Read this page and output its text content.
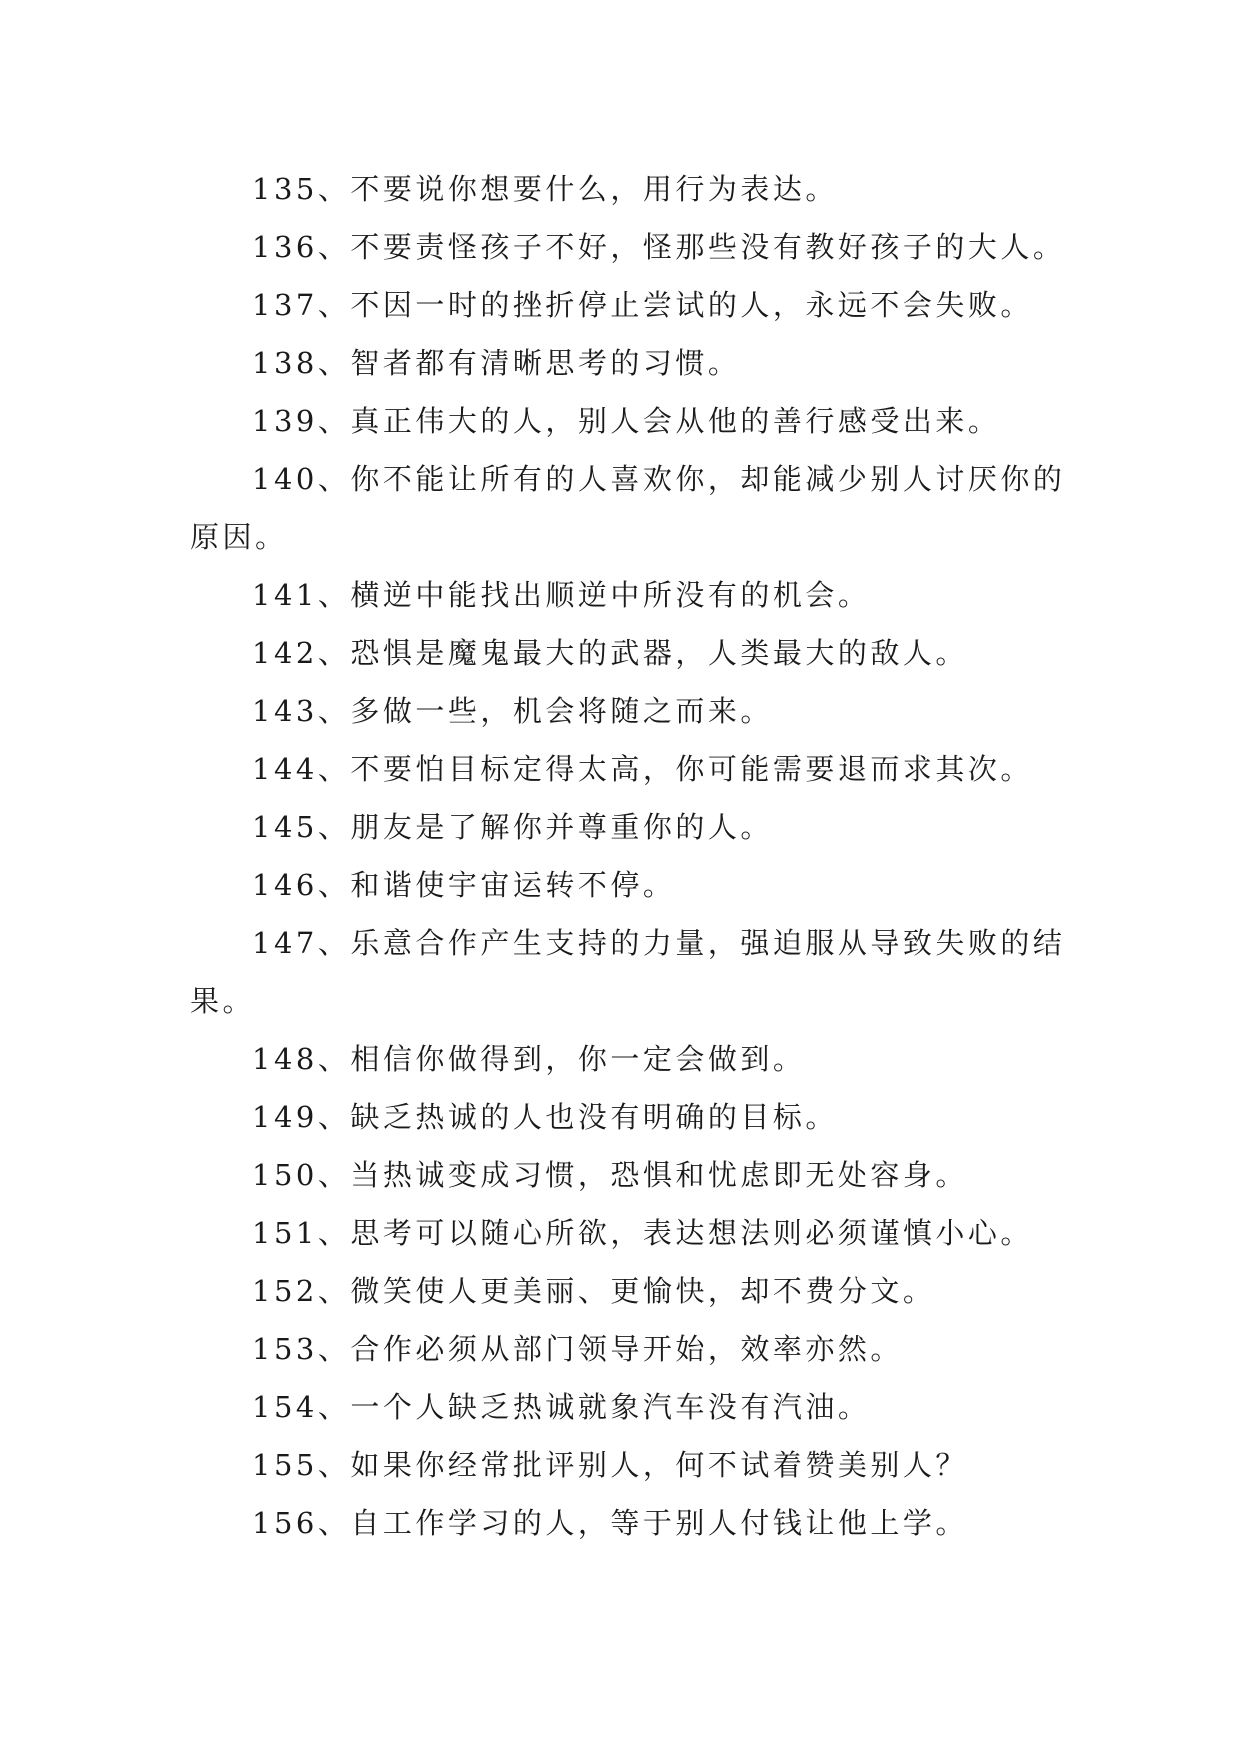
135、不要说你想要什么，用行为表达。

136、不要责怪孩子不好，怪那些没有教好孩子的大人。

137、不因一时的挫折停止尝试的人，永远不会失败。

138、智者都有清晰思考的习惯。

139、真正伟大的人，别人会从他的善行感受出来。

140、你不能让所有的人喜欢你，却能减少别人讨厌你的原因。

141、横逆中能找出顺逆中所没有的机会。

142、恐惧是魔鬼最大的武器，人类最大的敌人。

143、多做一些，机会将随之而来。

144、不要怕目标定得太高，你可能需要退而求其次。

145、朋友是了解你并尊重你的人。

146、和谐使宇宙运转不停。

147、乐意合作产生支持的力量，强迫服从导致失败的结果。

148、相信你做得到，你一定会做到。

149、缺乏热诚的人也没有明确的目标。

150、当热诚变成习惯，恐惧和忧虑即无处容身。

151、思考可以随心所欲，表达想法则必须谨慎小心。

152、微笑使人更美丽、更愉快，却不费分文。

153、合作必须从部门领导开始，效率亦然。

154、一个人缺乏热诚就象汽车没有汽油。

155、如果你经常批评别人，何不试着赞美别人？

156、自工作学习的人，等于别人付钱让他上学。
